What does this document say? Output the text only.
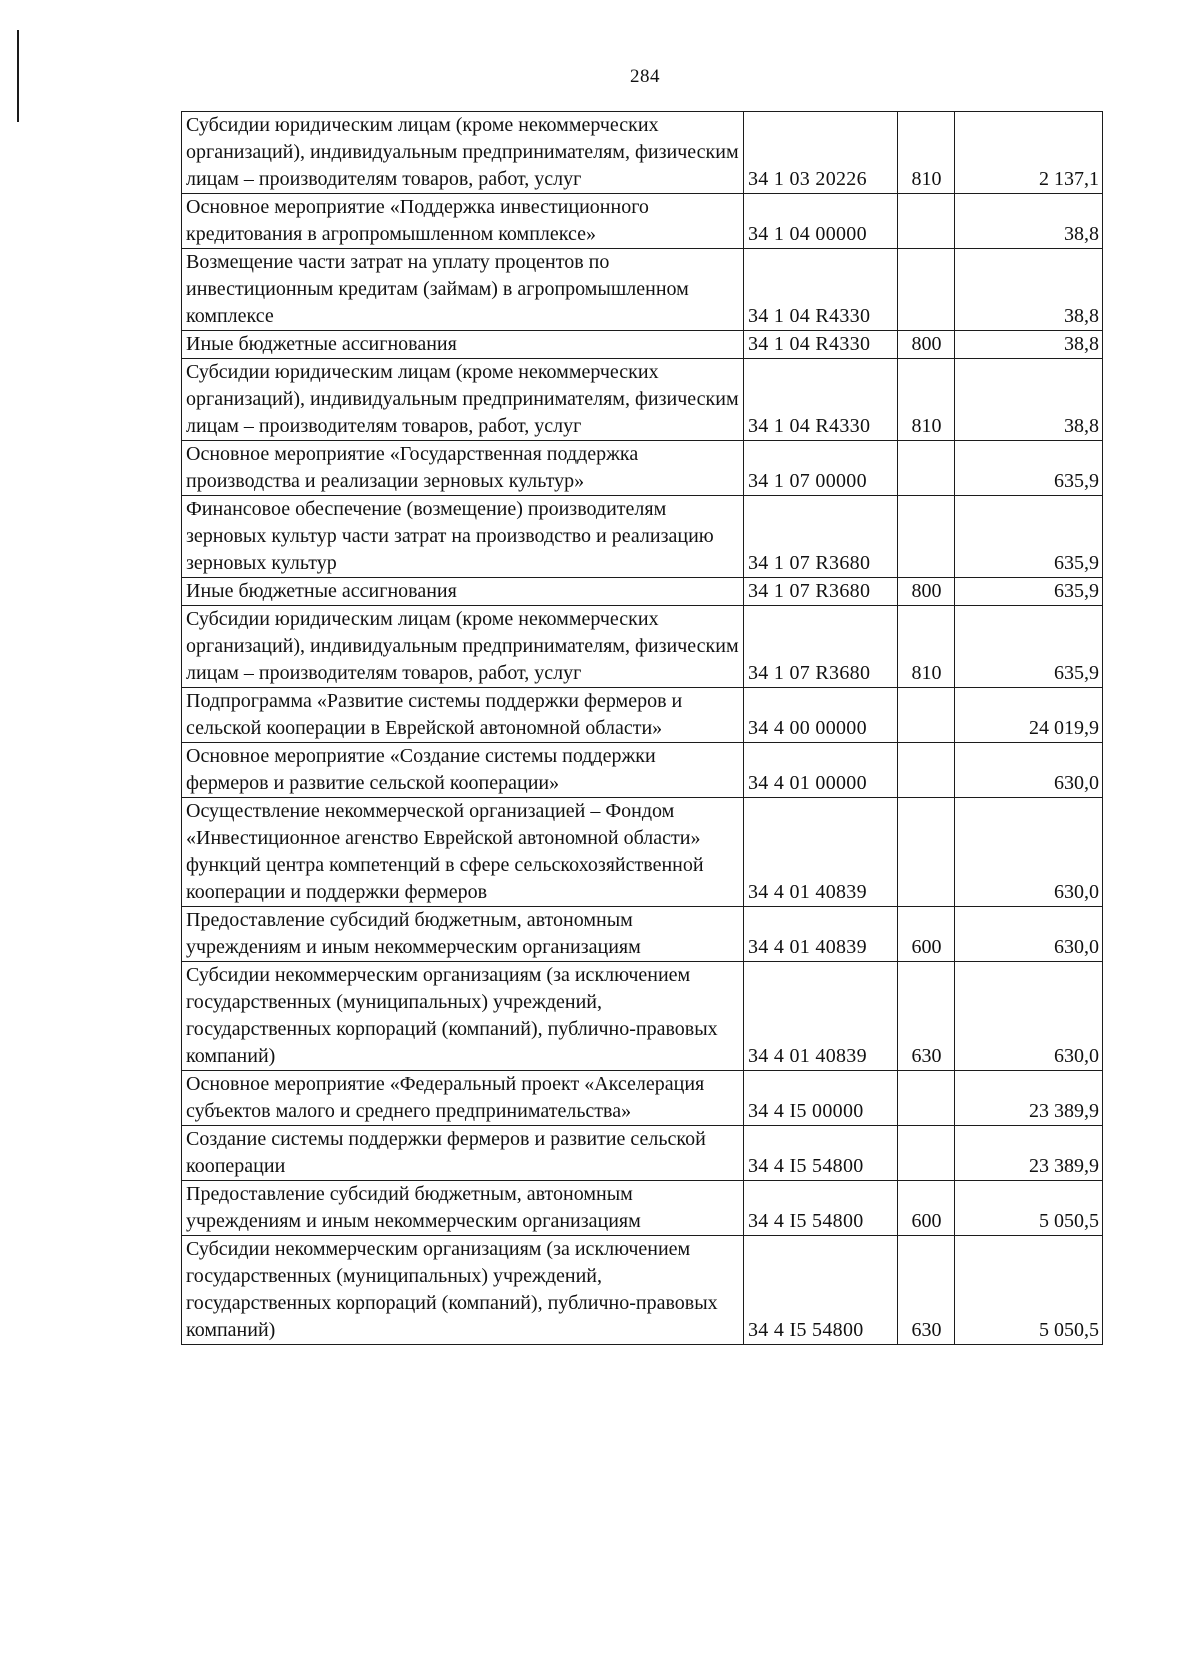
284
Субсидии юридическим лицам (кроме некоммерческих организаций), индивидуальным предпринимателям, физическим лицам – производителям товаров, работ, услуг	34 1 03 20226	810	2 137,1
Основное мероприятие «Поддержка инвестиционного кредитования в агропромышленном комплексе»	34 1 04 00000		38,8
Возмещение части затрат на уплату процентов по инвестиционным кредитам (займам) в агропромышленном комплексе	34 1 04 R4330		38,8
Иные бюджетные ассигнования	34 1 04 R4330	800	38,8
Субсидии юридическим лицам (кроме некоммерческих организаций), индивидуальным предпринимателям, физическим лицам – производителям товаров, работ, услуг	34 1 04 R4330	810	38,8
Основное мероприятие «Государственная поддержка производства и реализации зерновых культур»	34 1 07 00000		635,9
Финансовое обеспечение (возмещение) производителям зерновых культур части затрат на производство и реализацию зерновых культур	34 1 07 R3680		635,9
Иные бюджетные ассигнования	34 1 07 R3680	800	635,9
Субсидии юридическим лицам (кроме некоммерческих организаций), индивидуальным предпринимателям, физическим лицам – производителям товаров, работ, услуг	34 1 07 R3680	810	635,9
Подпрограмма «Развитие системы поддержки фермеров и сельской кооперации в Еврейской автономной области»	34 4 00 00000		24 019,9
Основное мероприятие «Создание системы поддержки фермеров и развитие сельской кооперации»	34 4 01 00000		630,0
Осуществление некоммерческой организацией – Фондом «Инвестиционное агенство Еврейской автономной области» функций центра компетенций в сфере сельскохозяйственной кооперации и поддержки фермеров	34 4 01 40839		630,0
Предоставление субсидий бюджетным, автономным учреждениям и иным некоммерческим организациям	34 4 01 40839	600	630,0
Субсидии некоммерческим организациям (за исключением государственных (муниципальных) учреждений, государственных корпораций (компаний), публично-правовых компаний)	34 4 01 40839	630	630,0
Основное мероприятие «Федеральный проект «Акселерация субъектов малого и среднего предпринимательства»	34 4 I5 00000		23 389,9
Создание системы поддержки фермеров и развитие сельской кооперации	34 4 I5 54800		23 389,9
Предоставление субсидий бюджетным, автономным учреждениям и иным некоммерческим организациям	34 4 I5 54800	600	5 050,5
Субсидии некоммерческим организациям (за исключением государственных (муниципальных) учреждений, государственных корпораций (компаний), публично-правовых компаний)	34 4 I5 54800	630	5 050,5
